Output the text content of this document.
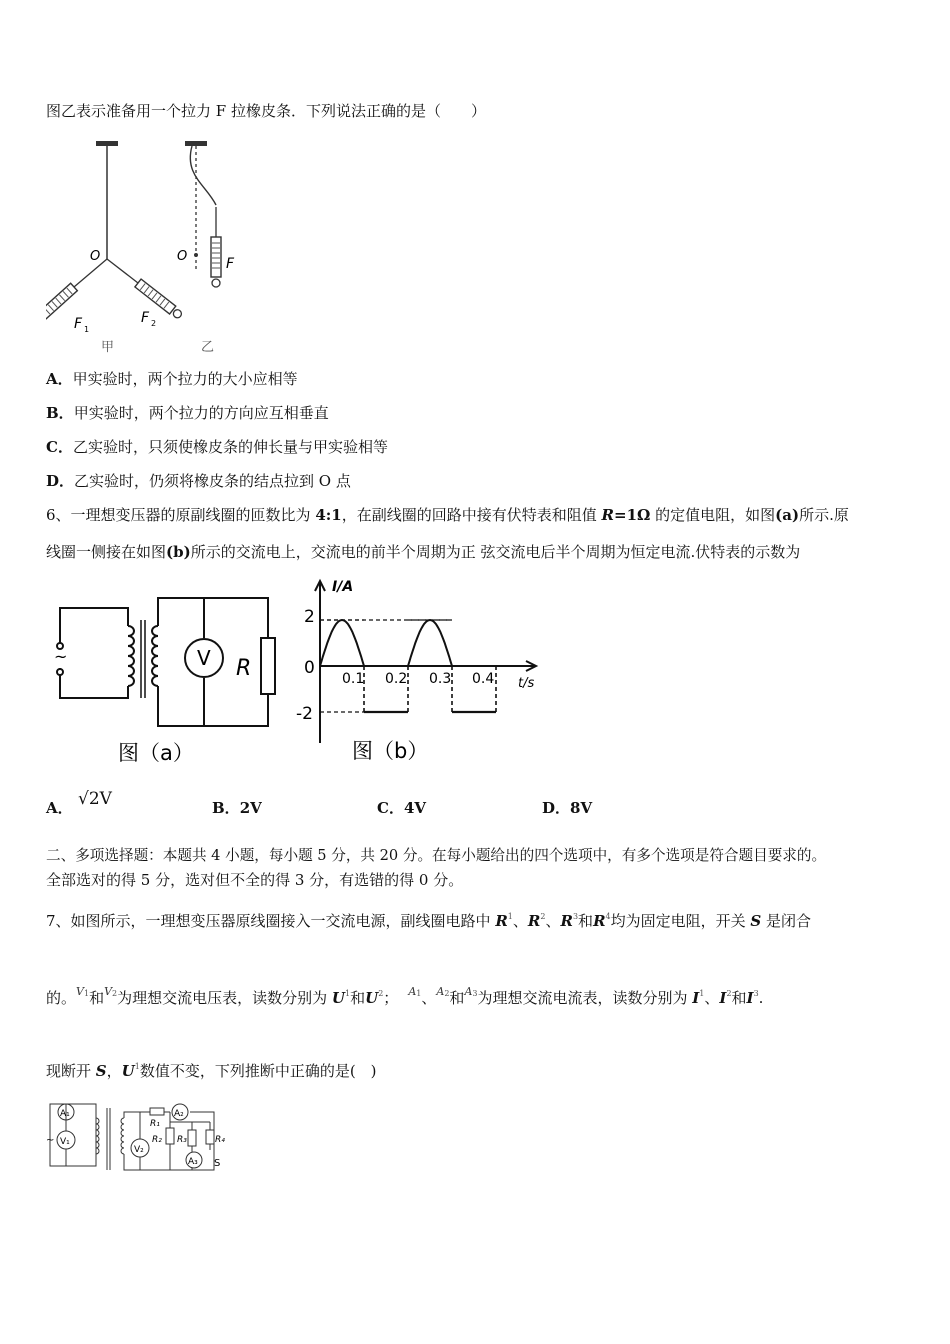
图乙表示准备用一个拉力 F 拉橡皮条．下列说法正确的是（　　）
O
F 1
F 2
甲
O	F
乙
A．甲实验时，两个拉力的大小应相等
B．甲实验时，两个拉力的方向应互相垂直
C．乙实验时，只须使橡皮条的伸长量与甲实验相等
D．乙实验时，仍须将橡皮条的结点拉到 O 点
6、一理想变压器的原副线圈的匝数比为 4:1，在副线圈的回路中接有伏特表和阻值 R=1Ω 的定值电阻，如图(a)所示.原
线圈一侧接在如图(b)所示的交流电上，交流电的前半个周期为正 弦交流电后半个周期为恒定电流.伏特表的示数为
~	V R
图（a）
I/A
t/s
2
0
-2
0.1 0.2 0.3 0.4
图（b）
A． √2V	B．2V	C．4V	D．8V
二、多项选择题：本题共 4 小题，每小题 5 分，共 20 分。在每小题给出的四个选项中，有多个选项是符合题目要求的。
全部选对的得 5 分，选对但不全的得 3 分，有选错的得 0 分。
7、如图所示，一理想变压器原线圈接入一交流电源，副线圈电路中 $R^1$、$R^2$、$R^3$和$R^4$均为固定电阻，开关 S 是闭合
的。$^{V1}$和$^{V2}$为理想交流电压表，读数分别为 $U^1$和$U^2$； $^{A1}$、$^{A2}$和$^{A3}$为理想交流电流表，读数分别为 $I^1$、$I^2$和$I^3$.
现断开 S，$U^1$数值不变，下列推断中正确的是(　)
~
A₁
V₁
V₂
A₂
A₃
R₁
R₂ R₃	R₄
S
